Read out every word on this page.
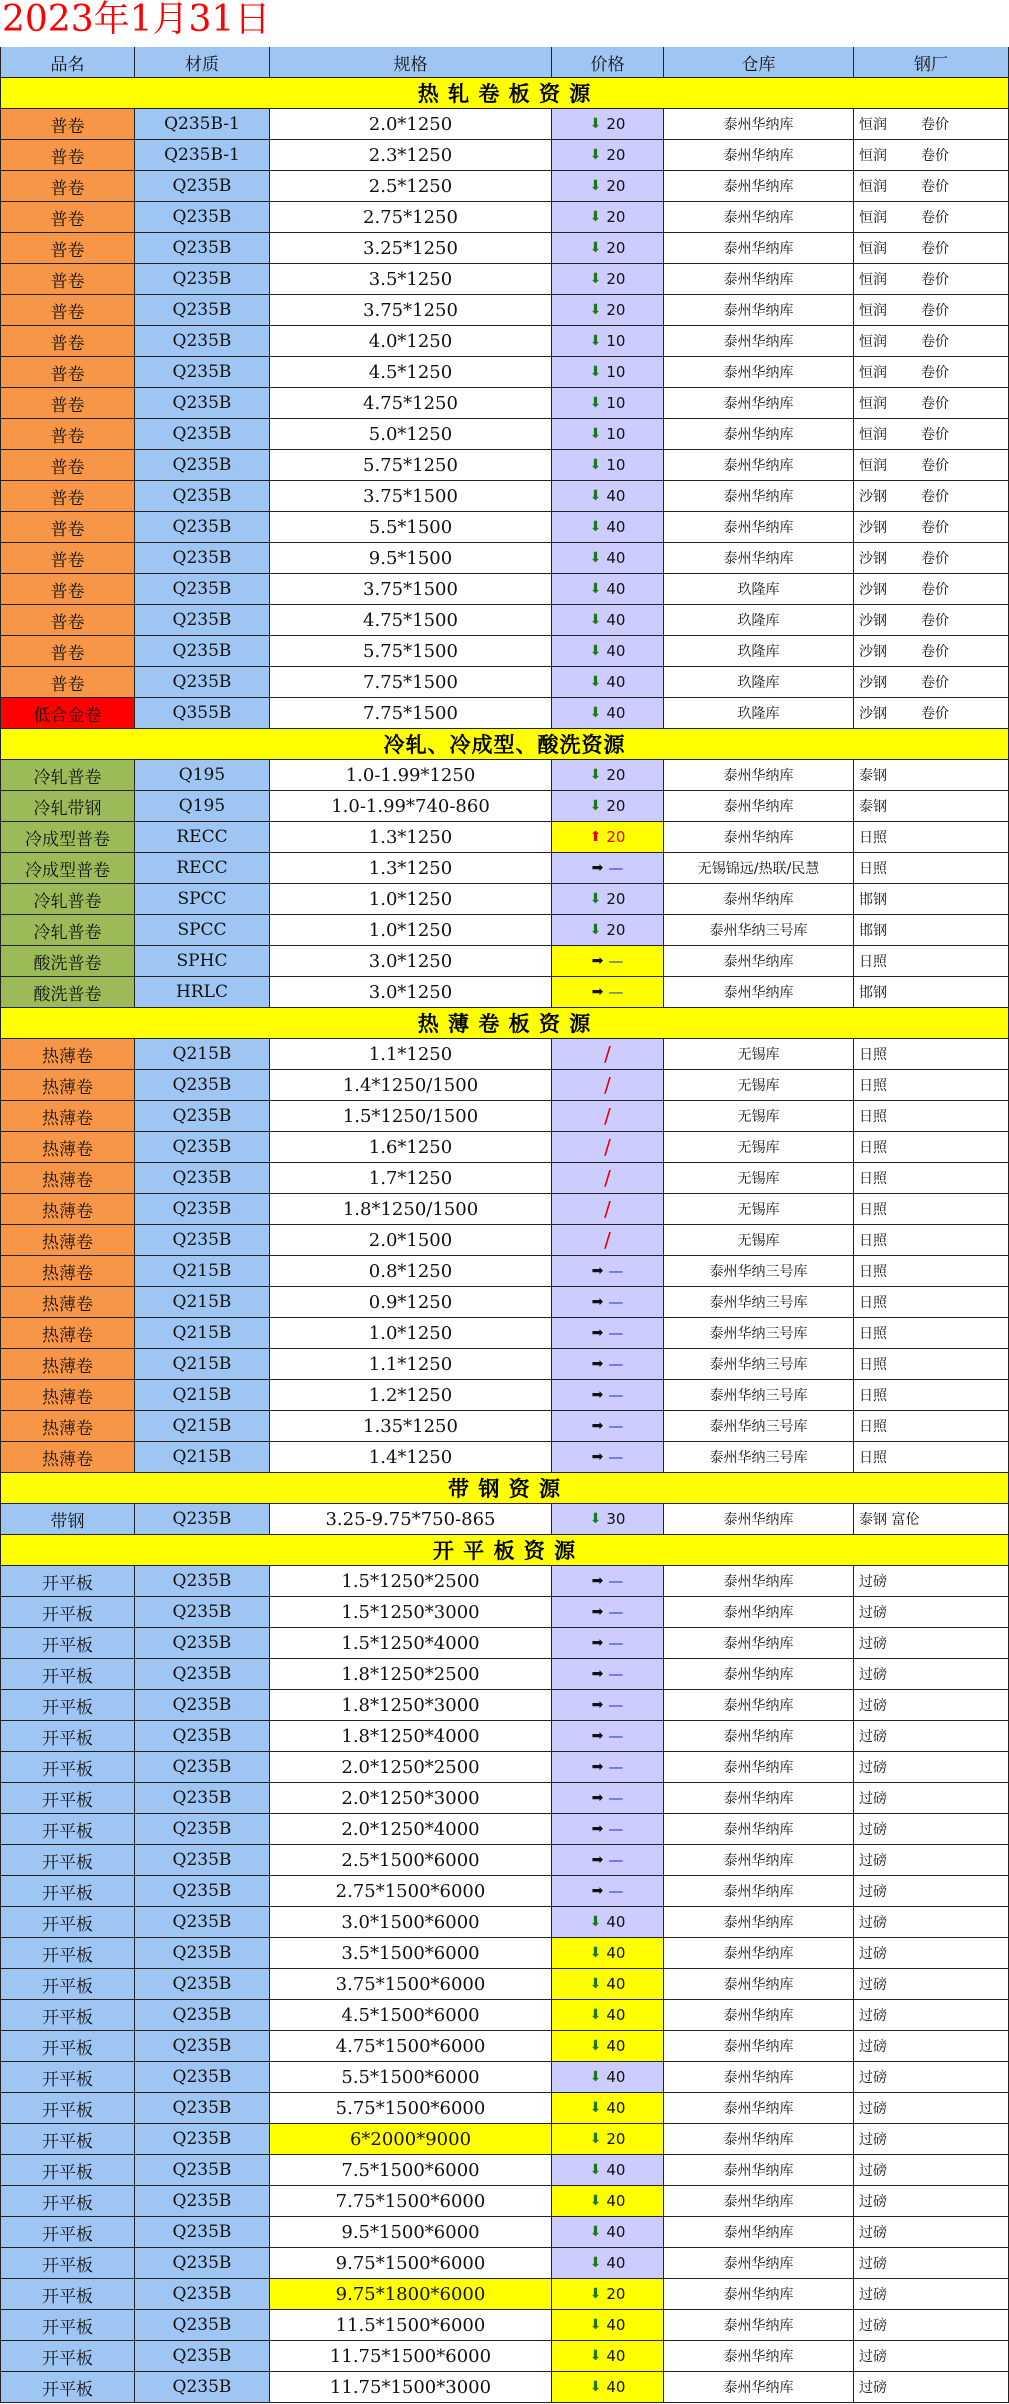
2023年1月31日
品名	材质	规格	价格	仓库	钢厂
热 轧 卷 板 资 源
普卷	Q235B-1	2.0*1250	⬇ 20	泰州华纳库	恒润	卷价
普卷	Q235B-1	2.3*1250	⬇ 20	泰州华纳库	恒润	卷价
普卷	Q235B	2.5*1250	⬇ 20	泰州华纳库	恒润	卷价
普卷	Q235B	2.75*1250	⬇ 20	泰州华纳库	恒润	卷价
普卷	Q235B	3.25*1250	⬇ 20	泰州华纳库	恒润	卷价
普卷	Q235B	3.5*1250	⬇ 20	泰州华纳库	恒润	卷价
普卷	Q235B	3.75*1250	⬇ 20	泰州华纳库	恒润	卷价
普卷	Q235B	4.0*1250	⬇ 10	泰州华纳库	恒润	卷价
普卷	Q235B	4.5*1250	⬇ 10	泰州华纳库	恒润	卷价
普卷	Q235B	4.75*1250	⬇ 10	泰州华纳库	恒润	卷价
普卷	Q235B	5.0*1250	⬇ 10	泰州华纳库	恒润	卷价
普卷	Q235B	5.75*1250	⬇ 10	泰州华纳库	恒润	卷价
普卷	Q235B	3.75*1500	⬇ 40	泰州华纳库	沙钢	卷价
普卷	Q235B	5.5*1500	⬇ 40	泰州华纳库	沙钢	卷价
普卷	Q235B	9.5*1500	⬇ 40	泰州华纳库	沙钢	卷价
普卷	Q235B	3.75*1500	⬇ 40	玖隆库	沙钢	卷价
普卷	Q235B	4.75*1500	⬇ 40	玖隆库	沙钢	卷价
普卷	Q235B	5.75*1500	⬇ 40	玖隆库	沙钢	卷价
普卷	Q235B	7.75*1500	⬇ 40	玖隆库	沙钢	卷价
低合金卷	Q355B	7.75*1500	⬇ 40	玖隆库	沙钢	卷价
冷轧、冷成型、酸洗资源
冷轧普卷	Q195	1.0-1.99*1250	⬇ 20	泰州华纳库	泰钢
冷轧带钢	Q195	1.0-1.99*740-860	⬇ 20	泰州华纳库	泰钢
冷成型普卷	RECC	1.3*1250	⬆ 20	泰州华纳库	日照
冷成型普卷	RECC	1.3*1250	➡ —	无锡锦远/热联/民慧	日照
冷轧普卷	SPCC	1.0*1250	⬇ 20	泰州华纳库	邯钢
冷轧普卷	SPCC	1.0*1250	⬇ 20	泰州华纳三号库	邯钢
酸洗普卷	SPHC	3.0*1250	➡ —	泰州华纳库	日照
酸洗普卷	HRLC	3.0*1250	➡ —	泰州华纳库	邯钢
热 薄 卷 板 资 源
热薄卷	Q215B	1.1*1250	/	无锡库	日照
热薄卷	Q235B	1.4*1250/1500	/	无锡库	日照
热薄卷	Q235B	1.5*1250/1500	/	无锡库	日照
热薄卷	Q235B	1.6*1250	/	无锡库	日照
热薄卷	Q235B	1.7*1250	/	无锡库	日照
热薄卷	Q235B	1.8*1250/1500	/	无锡库	日照
热薄卷	Q235B	2.0*1500	/	无锡库	日照
热薄卷	Q215B	0.8*1250	➡ —	泰州华纳三号库	日照
热薄卷	Q215B	0.9*1250	➡ —	泰州华纳三号库	日照
热薄卷	Q215B	1.0*1250	➡ —	泰州华纳三号库	日照
热薄卷	Q215B	1.1*1250	➡ —	泰州华纳三号库	日照
热薄卷	Q215B	1.2*1250	➡ —	泰州华纳三号库	日照
热薄卷	Q215B	1.35*1250	➡ —	泰州华纳三号库	日照
热薄卷	Q215B	1.4*1250	➡ —	泰州华纳三号库	日照
带 钢 资 源
带钢	Q235B	3.25-9.75*750-865	⬇ 30	泰州华纳库	泰钢 富伦
开 平 板 资 源
开平板	Q235B	1.5*1250*2500	➡ —	泰州华纳库	过磅
开平板	Q235B	1.5*1250*3000	➡ —	泰州华纳库	过磅
开平板	Q235B	1.5*1250*4000	➡ —	泰州华纳库	过磅
开平板	Q235B	1.8*1250*2500	➡ —	泰州华纳库	过磅
开平板	Q235B	1.8*1250*3000	➡ —	泰州华纳库	过磅
开平板	Q235B	1.8*1250*4000	➡ —	泰州华纳库	过磅
开平板	Q235B	2.0*1250*2500	➡ —	泰州华纳库	过磅
开平板	Q235B	2.0*1250*3000	➡ —	泰州华纳库	过磅
开平板	Q235B	2.0*1250*4000	➡ —	泰州华纳库	过磅
开平板	Q235B	2.5*1500*6000	➡ —	泰州华纳库	过磅
开平板	Q235B	2.75*1500*6000	➡ —	泰州华纳库	过磅
开平板	Q235B	3.0*1500*6000	⬇ 40	泰州华纳库	过磅
开平板	Q235B	3.5*1500*6000	⬇ 40	泰州华纳库	过磅
开平板	Q235B	3.75*1500*6000	⬇ 40	泰州华纳库	过磅
开平板	Q235B	4.5*1500*6000	⬇ 40	泰州华纳库	过磅
开平板	Q235B	4.75*1500*6000	⬇ 40	泰州华纳库	过磅
开平板	Q235B	5.5*1500*6000	⬇ 40	泰州华纳库	过磅
开平板	Q235B	5.75*1500*6000	⬇ 40	泰州华纳库	过磅
开平板	Q235B	6*2000*9000	⬇ 20	泰州华纳库	过磅
开平板	Q235B	7.5*1500*6000	⬇ 40	泰州华纳库	过磅
开平板	Q235B	7.75*1500*6000	⬇ 40	泰州华纳库	过磅
开平板	Q235B	9.5*1500*6000	⬇ 40	泰州华纳库	过磅
开平板	Q235B	9.75*1500*6000	⬇ 40	泰州华纳库	过磅
开平板	Q235B	9.75*1800*6000	⬇ 20	泰州华纳库	过磅
开平板	Q235B	11.5*1500*6000	⬇ 40	泰州华纳库	过磅
开平板	Q235B	11.75*1500*6000	⬇ 40	泰州华纳库	过磅
开平板	Q235B	11.75*1500*3000	⬇ 40	泰州华纳库	过磅
